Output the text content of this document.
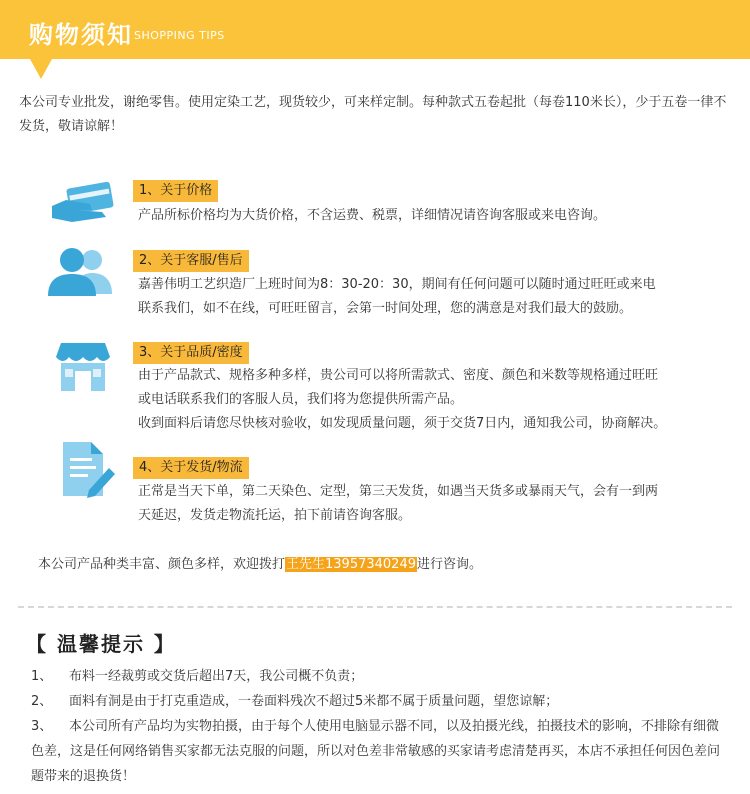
购物须知 SHOPPING TIPS
本公司专业批发，谢绝零售。使用定染工艺，现货较少，可来样定制。每种款式五卷起批（每卷110米长），少于五卷一律不发货，敬请谅解！
1、关于价格
产品所标价格均为大货价格，不含运费、税票，详细情况请咨询客服或来电咨询。
2、关于客服/售后
嘉善伟明工艺织造厂上班时间为8：30-20：30，期间有任何问题可以随时通过旺旺或来电
联系我们，如不在线，可旺旺留言，会第一时间处理，您的满意是对我们最大的鼓励。
3、关于品质/密度
由于产品款式、规格多种多样，贵公司可以将所需款式、密度、颜色和米数等规格通过旺旺
或电话联系我们的客服人员，我们将为您提供所需产品。
收到面料后请您尽快核对验收，如发现质量问题，须于交货7日内，通知我公司，协商解决。
4、关于发货/物流
正常是当天下单，第二天染色、定型，第三天发货，如遇当天货多或暴雨天气，会有一到两
天延迟，发货走物流托运，拍下前请咨询客服。
本公司产品种类丰富、颜色多样，欢迎拨打王先生13957340249进行咨询。
【 温馨提示 】
1、	布料一经裁剪或交货后超出7天，我公司概不负责；
2、	面料有洞是由于打克重造成，一卷面料残次不超过5米都不属于质量问题，望您谅解；
3、 本公司所有产品均为实物拍摄，由于每个人使用电脑显示器不同，以及拍摄光线，拍摄技术的影响，不排除有细微色差，这是任何网络销售买家都无法克服的问题，所以对色差非常敏感的买家请考虑清楚再买，本店不承担任何因色差问题带来的退换货！
